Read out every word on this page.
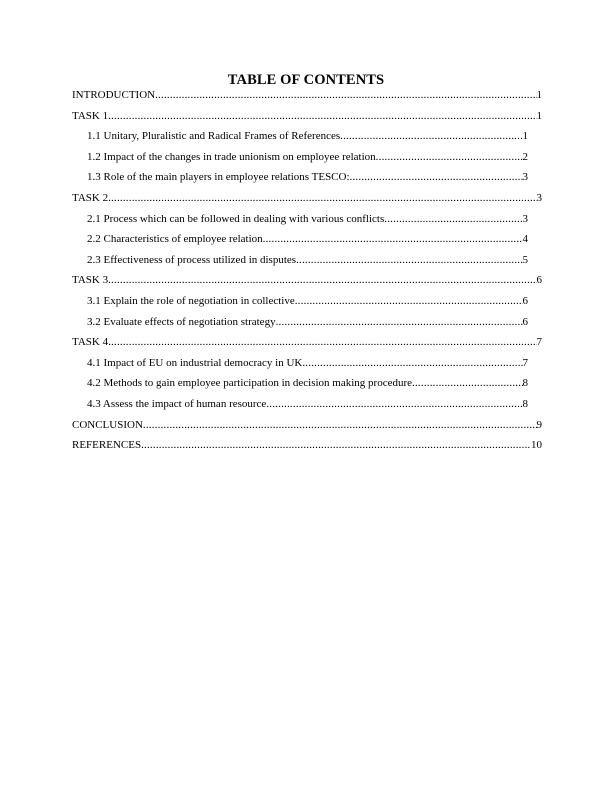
TABLE OF CONTENTS
INTRODUCTION .....	1
TASK 1 .....	1
1.1 Unitary, Pluralistic and Radical Frames of References .....	1
1.2 Impact of the changes in trade unionism on employee relation .....	2
1.3 Role of the main players in employee relations TESCO: .....	3
TASK 2 .....	3
2.1 Process which can be followed in dealing with various conflicts .....	3
2.2 Characteristics of employee relation .....	4
2.3 Effectiveness of process utilized in disputes .....	5
TASK 3 .....	6
3.1 Explain the role of negotiation in collective .....	6
3.2 Evaluate effects of negotiation strategy .....	6
TASK 4 .....	7
4.1 Impact of EU on industrial democracy in UK .....	7
4.2 Methods to gain employee participation in decision making procedure .....	8
4.3 Assess the impact of human resource .....	8
CONCLUSION .....	9
REFERENCES .....	10
